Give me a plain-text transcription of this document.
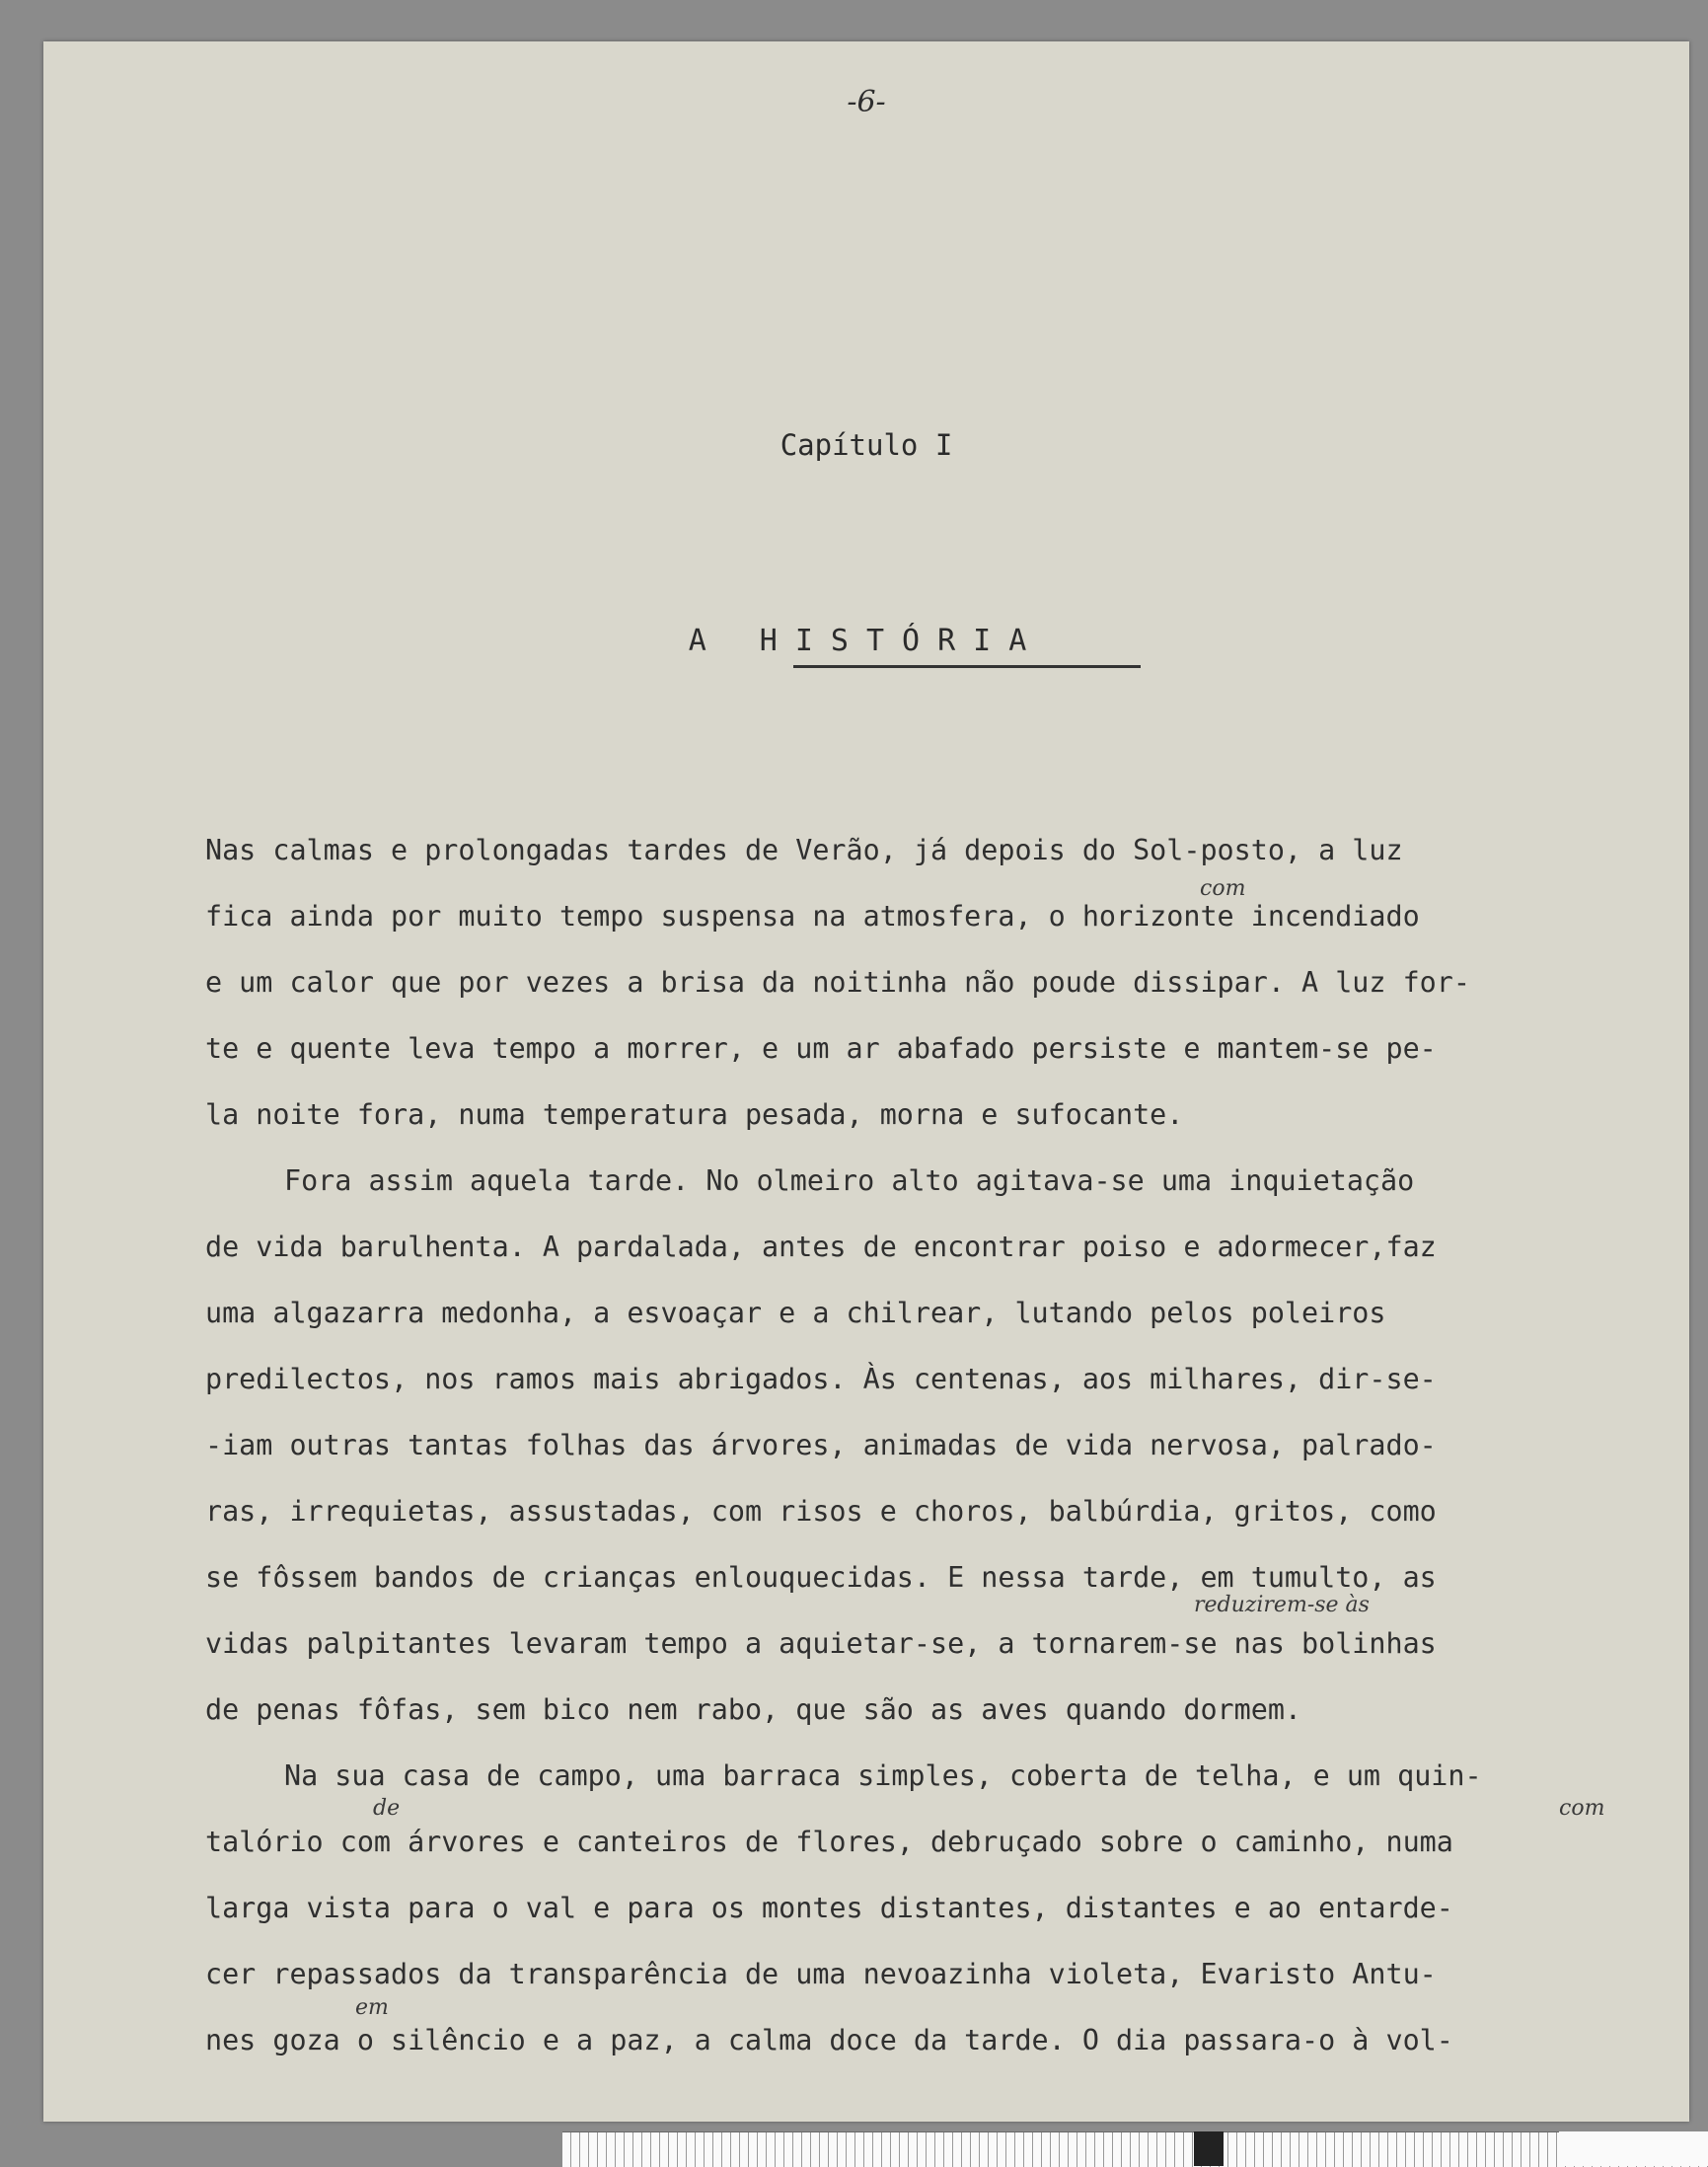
-6-
Capítulo I
A HISTÓRIA
com
reduzirem-se às
de	com
em
Nas calmas e prolongadas tardes de Verão, já depois do Sol-posto, a luz
fica ainda por muito tempo suspensa na atmosfera, o horizonte incendiado
e um calor que por vezes a brisa da noitinha não poude dissipar. A luz for-
te e quente leva tempo a morrer, e um ar abafado persiste e mantem-se pe-
la noite fora, numa temperatura pesada, morna e sufocante.
Fora assim aquela tarde. No olmeiro alto agitava-se uma inquietação
de vida barulhenta. A pardalada, antes de encontrar poiso e adormecer,faz
uma algazarra medonha, a esvoaçar e a chilrear, lutando pelos poleiros
predilectos, nos ramos mais abrigados. Às centenas, aos milhares, dir-se-
-iam outras tantas folhas das árvores, animadas de vida nervosa, palrado-
ras, irrequietas, assustadas, com risos e choros, balbúrdia, gritos, como
se fôssem bandos de crianças enlouquecidas. E nessa tarde, em tumulto, as
vidas palpitantes levaram tempo a aquietar-se, a tornarem-se nas bolinhas
de penas fôfas, sem bico nem rabo, que são as aves quando dormem.
Na sua casa de campo, uma barraca simples, coberta de telha, e um quin-
talório com árvores e canteiros de flores, debruçado sobre o caminho, numa
larga vista para o val e para os montes distantes, distantes e ao entarde-
cer repassados da transparência de uma nevoazinha violeta, Evaristo Antu-
nes goza o silêncio e a paz, a calma doce da tarde. O dia passara-o à vol-
